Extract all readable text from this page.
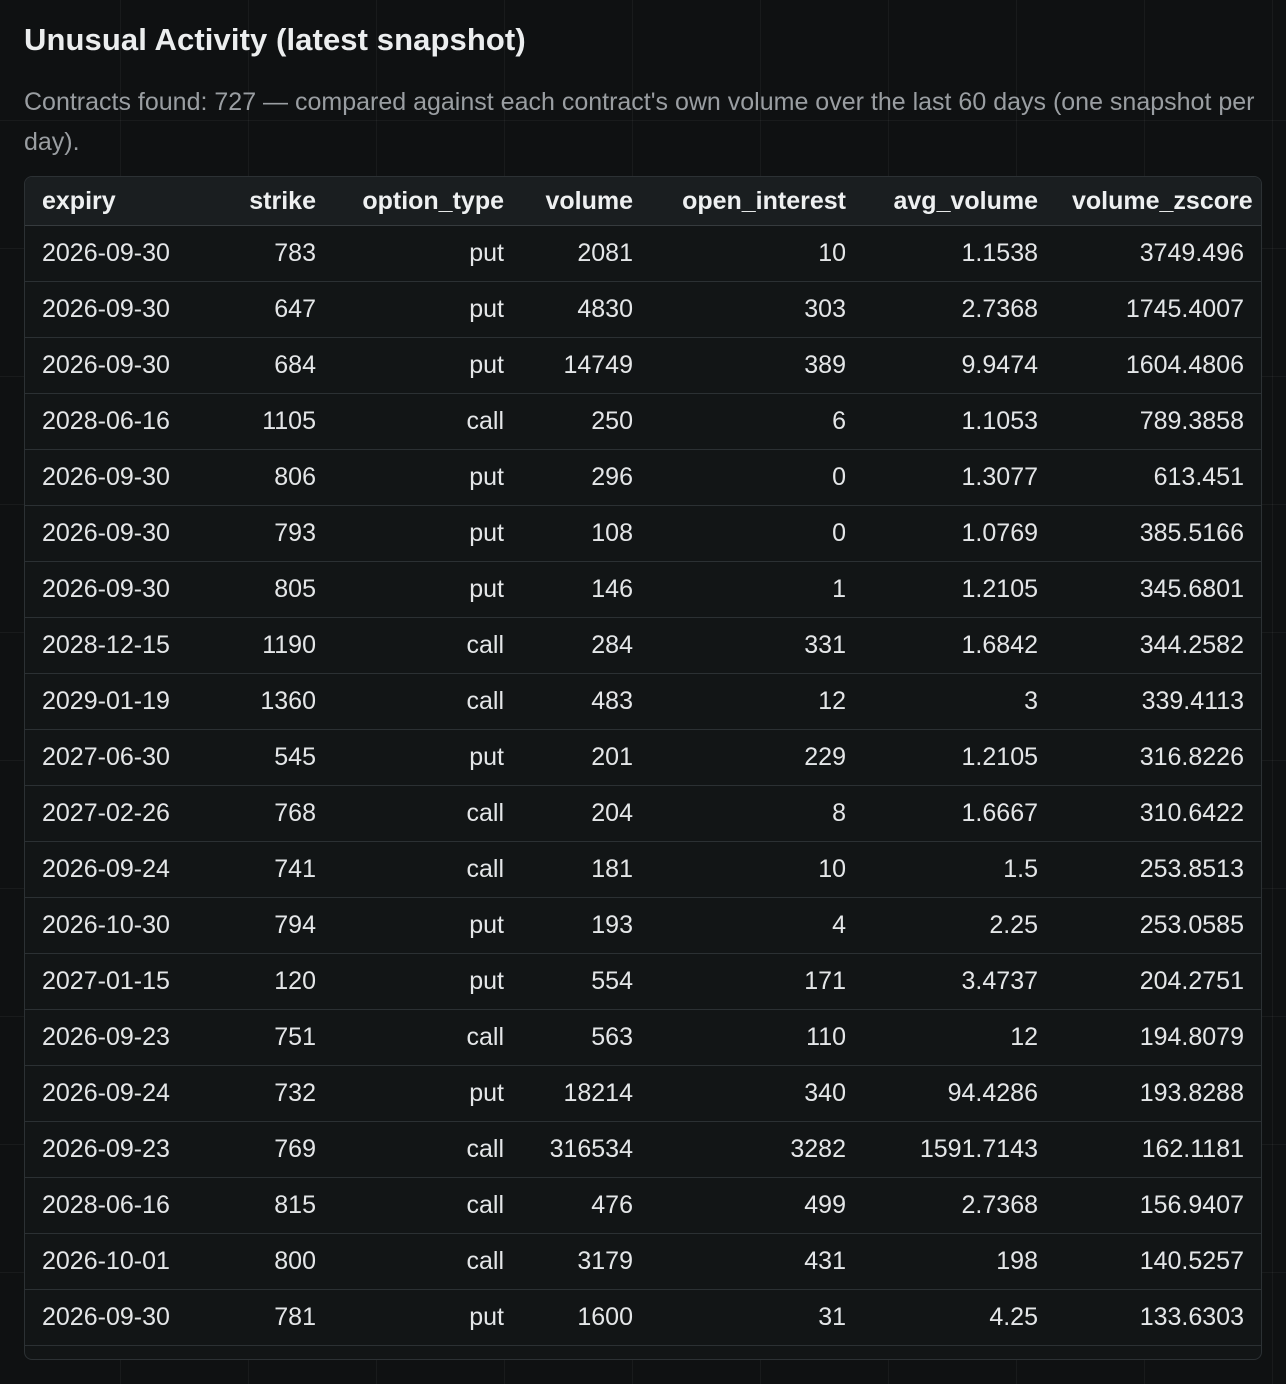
Unusual Activity (latest snapshot)

Contracts found: 727 — compared against each contract's own volume over the last 60 days (one snapshot per day).

expiry	strike	option_type	volume	open_interest	avg_volume	volume_zscore
2026-09-30	783	put	2081	10	1.1538	3749.496
2026-09-30	647	put	4830	303	2.7368	1745.4007
2026-09-30	684	put	14749	389	9.9474	1604.4806
2028-06-16	1105	call	250	6	1.1053	789.3858
2026-09-30	806	put	296	0	1.3077	613.451
2026-09-30	793	put	108	0	1.0769	385.5166
2026-09-30	805	put	146	1	1.2105	345.6801
2028-12-15	1190	call	284	331	1.6842	344.2582
2029-01-19	1360	call	483	12	3	339.4113
2027-06-30	545	put	201	229	1.2105	316.8226
2027-02-26	768	call	204	8	1.6667	310.6422
2026-09-24	741	call	181	10	1.5	253.8513
2026-10-30	794	put	193	4	2.25	253.0585
2027-01-15	120	put	554	171	3.4737	204.2751
2026-09-23	751	call	563	110	12	194.8079
2026-09-24	732	put	18214	340	94.4286	193.8288
2026-09-23	769	call	316534	3282	1591.7143	162.1181
2028-06-16	815	call	476	499	2.7368	156.9407
2026-10-01	800	call	3179	431	198	140.5257
2026-09-30	781	put	1600	31	4.25	133.6303
